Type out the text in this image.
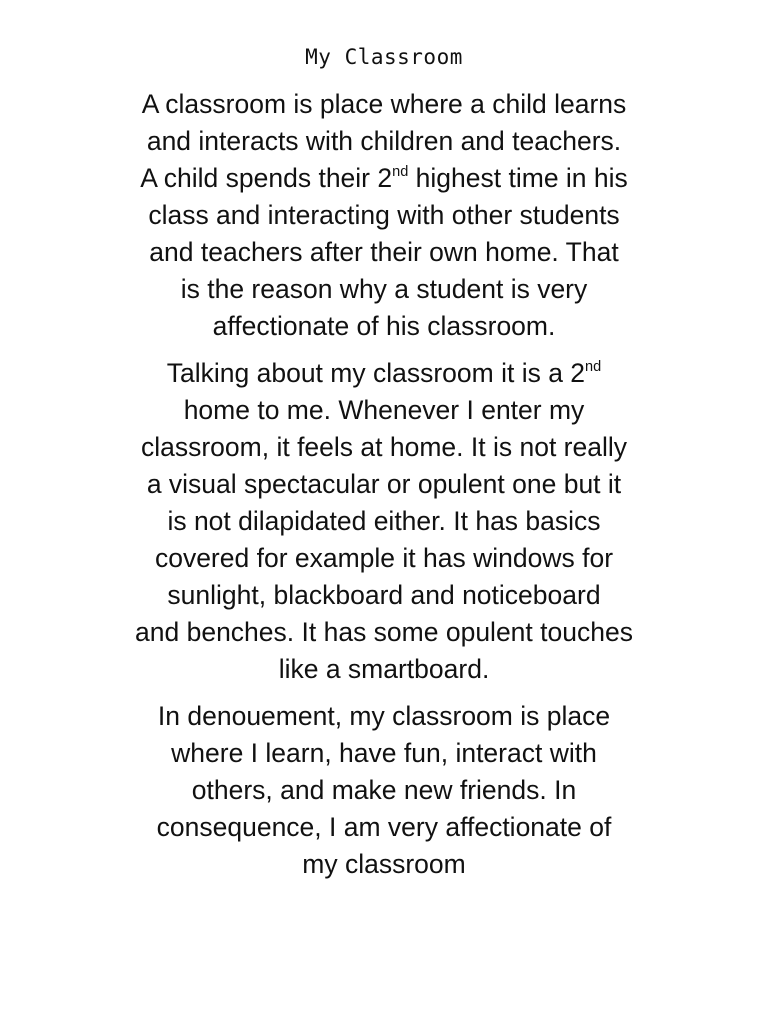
My Classroom

A classroom is place where a child learns
and interacts with children and teachers.
A child spends their 2nd highest time in his
class and interacting with other students
and teachers after their own home. That
is the reason why a student is very
affectionate of his classroom.

Talking about my classroom it is a 2nd
home to me. Whenever I enter my
classroom, it feels at home. It is not really
a visual spectacular or opulent one but it
is not dilapidated either. It has basics
covered for example it has windows for
sunlight, blackboard and noticeboard
and benches. It has some opulent touches
like a smartboard.

In denouement, my classroom is place
where I learn, have fun, interact with
others, and make new friends. In
consequence, I am very affectionate of
my classroom
